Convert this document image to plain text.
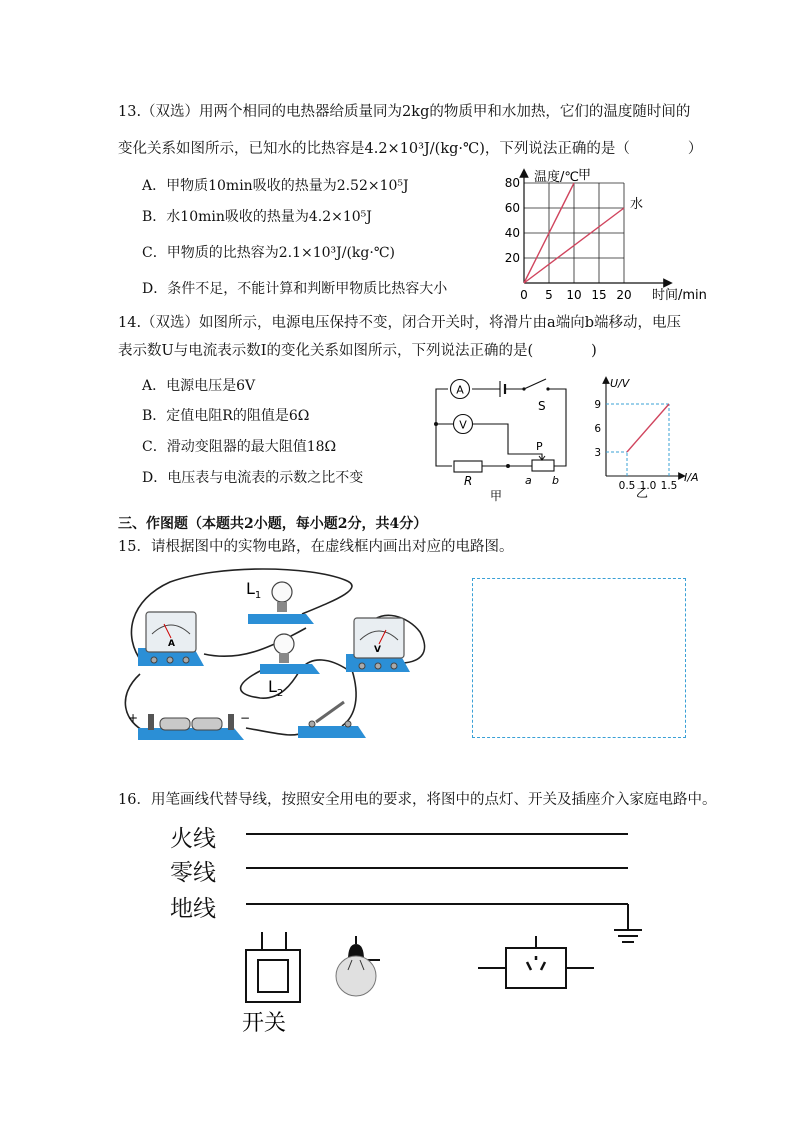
13.（双选）用两个相同的电热器给质量同为2kg的物质甲和水加热，它们的温度随时间的
变化关系如图所示，已知水的比热容是4.2×10³J/(kg·℃)，下列说法正确的是（　　　　）
A．甲物质10min吸收的热量为2.52×10⁵J
B．水10min吸收的热量为4.2×10⁵J
C．甲物质的比热容为2.1×10³J/(kg·℃)
D．条件不足，不能计算和判断甲物质比热容大小
温度/℃
时间/min
0 5 10 15 20
20
40
60
80	甲
水
14.（双选）如图所示，电源电压保持不变，闭合开关时，将滑片由a端向b端移动，电压
表示数U与电流表示数I的变化关系如图所示，下列说法正确的是(　　　　)
A．电源电压是6V
B．定值电阻R的阻值是6Ω
C．滑动变阻器的最大阻值18Ω
D．电压表与电流表的示数之比不变
A
V
S
P
R	a b
甲
U/V
I/A
0.5 1.0 1.5
3
6
9
乙
三、作图题（本题共2小题，每小题2分，共4分）
15．请根据图中的实物电路，在虚线框内画出对应的电路图。
A
V
$L_1$
$L_2$
+	−
16．用笔画线代替导线，按照安全用电的要求，将图中的点灯、开关及插座介入家庭电路中。
火线
零线
地线
开关
